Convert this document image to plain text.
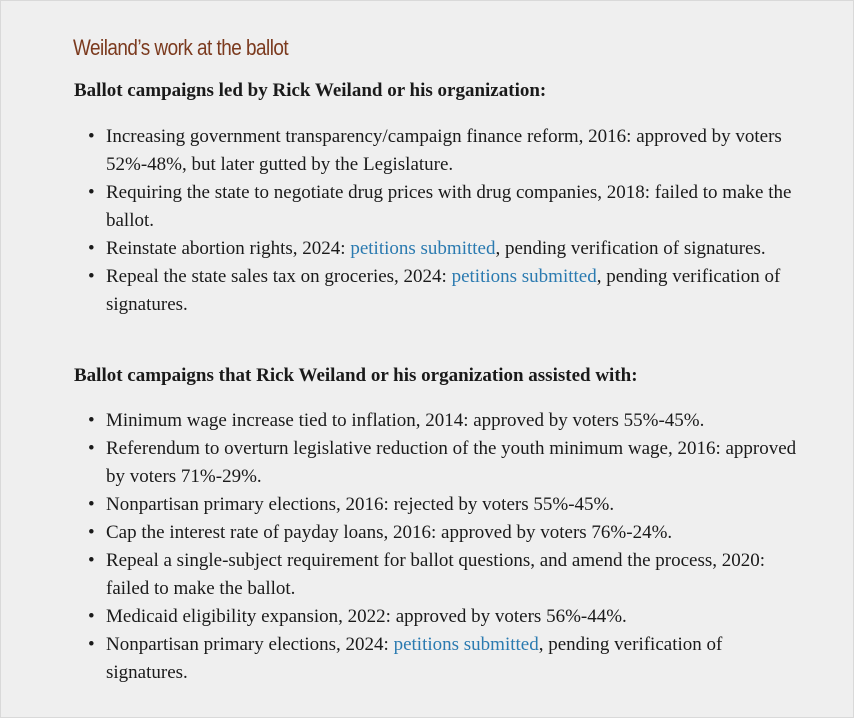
Weiland’s work at the ballot
Ballot campaigns led by Rick Weiland or his organization:
• Increasing government transparency/campaign finance reform, 2016: approved by voters 52%-48%, but later gutted by the Legislature.
• Requiring the state to negotiate drug prices with drug companies, 2018: failed to make the ballot.
• Reinstate abortion rights, 2024: petitions submitted, pending verification of signatures.
• Repeal the state sales tax on groceries, 2024: petitions submitted, pending verification of signatures.
Ballot campaigns that Rick Weiland or his organization assisted with:
• Minimum wage increase tied to inflation, 2014: approved by voters 55%-45%.
• Referendum to overturn legislative reduction of the youth minimum wage, 2016: approved by voters 71%-29%.
• Nonpartisan primary elections, 2016: rejected by voters 55%-45%.
• Cap the interest rate of payday loans, 2016: approved by voters 76%-24%.
• Repeal a single-subject requirement for ballot questions, and amend the process, 2020: failed to make the ballot.
• Medicaid eligibility expansion, 2022: approved by voters 56%-44%.
• Nonpartisan primary elections, 2024: petitions submitted, pending verification of signatures.
